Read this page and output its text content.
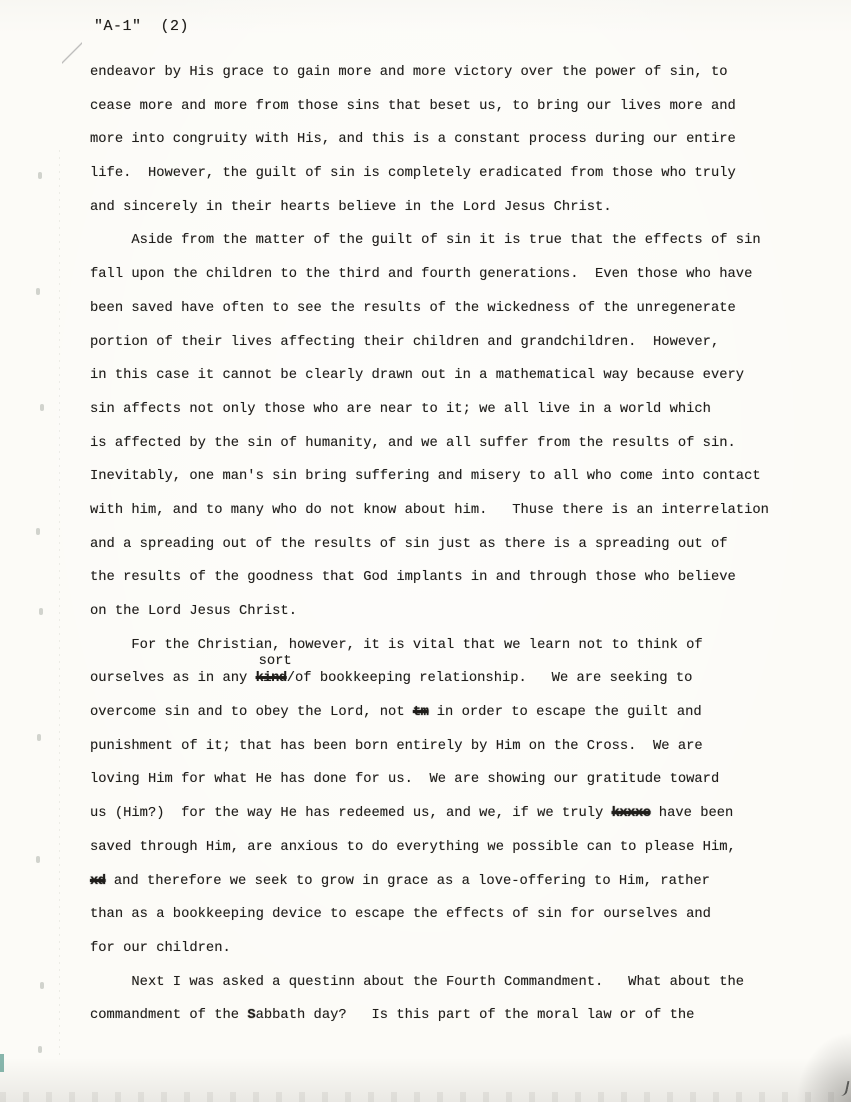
"A-1"  (2)
endeavor by His grace to gain more and more victory over the power of sin, to
cease more and more from those sins that beset us, to bring our lives more and
more into congruity with His, and this is a constant process during our entire
life.  However, the guilt of sin is completely eradicated from those who truly
and sincerely in their hearts believe in the Lord Jesus Christ.
Aside from the matter of the guilt of sin it is true that the effects of sin
fall upon the children to the third and fourth generations.  Even those who have
been saved have often to see the results of the wickedness of the unregenerate
portion of their lives affecting their children and grandchildren.  However,
in this case it cannot be clearly drawn out in a mathematical way because every
sin affects not only those who are near to it; we all live in a world which
is affected by the sin of humanity, and we all suffer from the results of sin.
Inevitably, one man's sin bring suffering and misery to all who come into contact
with him, and to many who do not know about him.   Thuse there is an interrelation
and a spreading out of the results of sin just as there is a spreading out of
the results of the goodness that God implants in and through those who believe
on the Lord Jesus Christ.
For the Christian, however, it is vital that we learn not to think of
ourselves as in any kind
sort
/of bookkeeping relationship.   We are seeking to
overcome sin and to obey the Lord, not tm in order to escape the guilt and
punishment of it; that has been born entirely by Him on the Cross.  We are
loving Him for what He has done for us.  We are showing our gratitude toward
us (Him?)  for the way He has redeemed us, and we, if we truly kxxxe have been
saved through Him, are anxious to do everything we possible can to please Him,
xd and therefore we seek to grow in grace as a love-offering to Him, rather
than as a bookkeeping device to escape the effects of sin for ourselves and
for our children.
Next I was asked a questinn about the Fourth Commandment.   What about the
commandment of the Sabbath day?   Is this part of the moral law or of the
